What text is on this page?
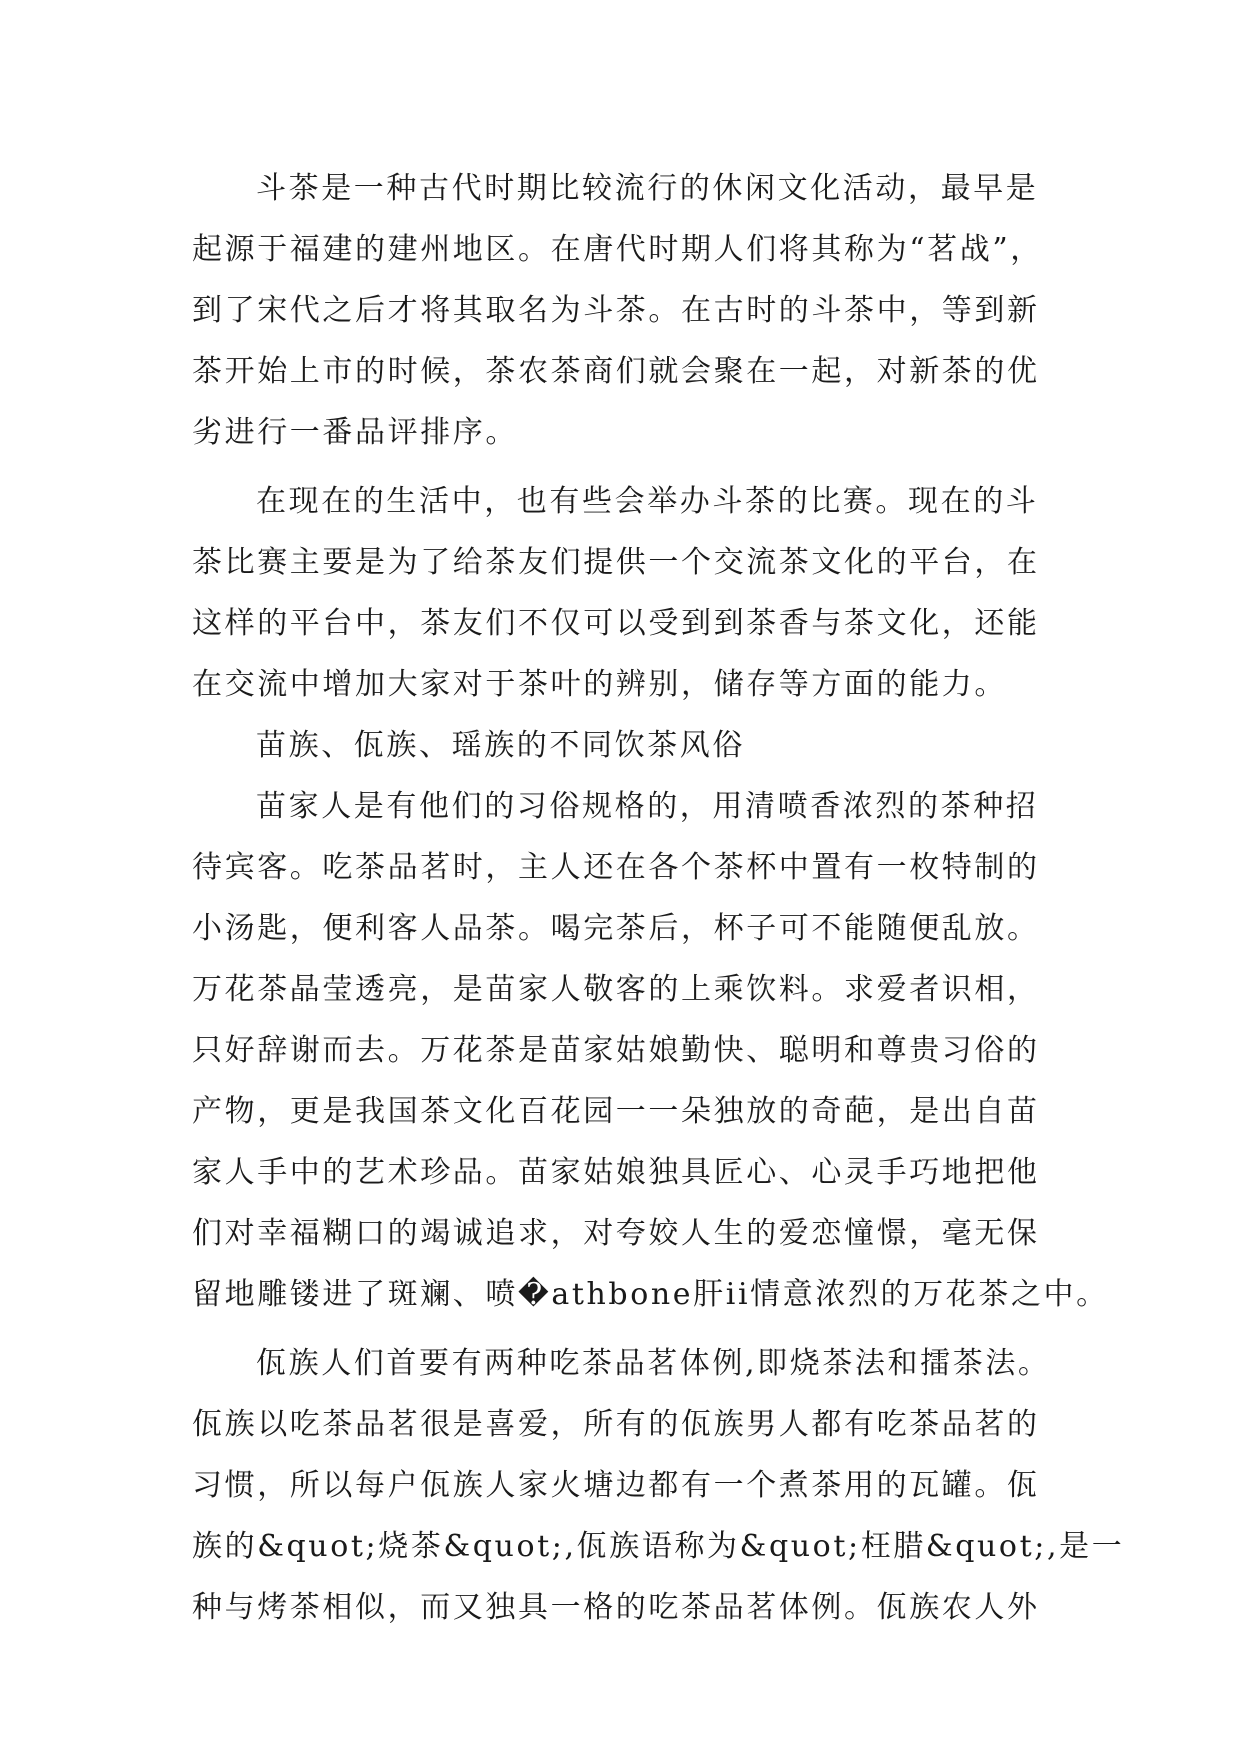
斗茶是一种古代时期比较流行的休闲文化活动，最早是
起源于福建的建州地区。在唐代时期人们将其称为“茗战”，
到了宋代之后才将其取名为斗茶。在古时的斗茶中，等到新
茶开始上市的时候，茶农茶商们就会聚在一起，对新茶的优
劣进行一番品评排序。
在现在的生活中，也有些会举办斗茶的比赛。现在的斗
茶比赛主要是为了给茶友们提供一个交流茶文化的平台，在
这样的平台中，茶友们不仅可以受到到茶香与茶文化，还能
在交流中增加大家对于茶叶的辨别，储存等方面的能力。
苗族、佤族、瑶族的不同饮茶风俗
苗家人是有他们的习俗规格的，用清喷香浓烈的茶种招
待宾客。吃茶品茗时，主人还在各个茶杯中置有一枚特制的
小汤匙，便利客人品茶。喝完茶后，杯子可不能随便乱放。
万花茶晶莹透亮，是苗家人敬客的上乘饮料。求爱者识相，
只好辞谢而去。万花茶是苗家姑娘勤快、聪明和尊贵习俗的
产物，更是我国茶文化百花园一一朵独放的奇葩，是出自苗
家人手中的艺术珍品。苗家姑娘独具匠心、心灵手巧地把他
们对幸福糊口的竭诚追求，对夸姣人生的爱恋憧憬，毫无保
留地雕镂进了斑斓、喷�athbone肝ii情意浓烈的万花茶之中。
佤族人们首要有两种吃茶品茗体例,即烧茶法和擂茶法。
佤族以吃茶品茗很是喜爱，所有的佤族男人都有吃茶品茗的
习惯，所以每户佤族人家火塘边都有一个煮茶用的瓦罐。佤
族的&quot;烧茶&quot;,佤族语称为&quot;枉腊&quot;,是一
种与烤茶相似，而又独具一格的吃茶品茗体例。佤族农人外
